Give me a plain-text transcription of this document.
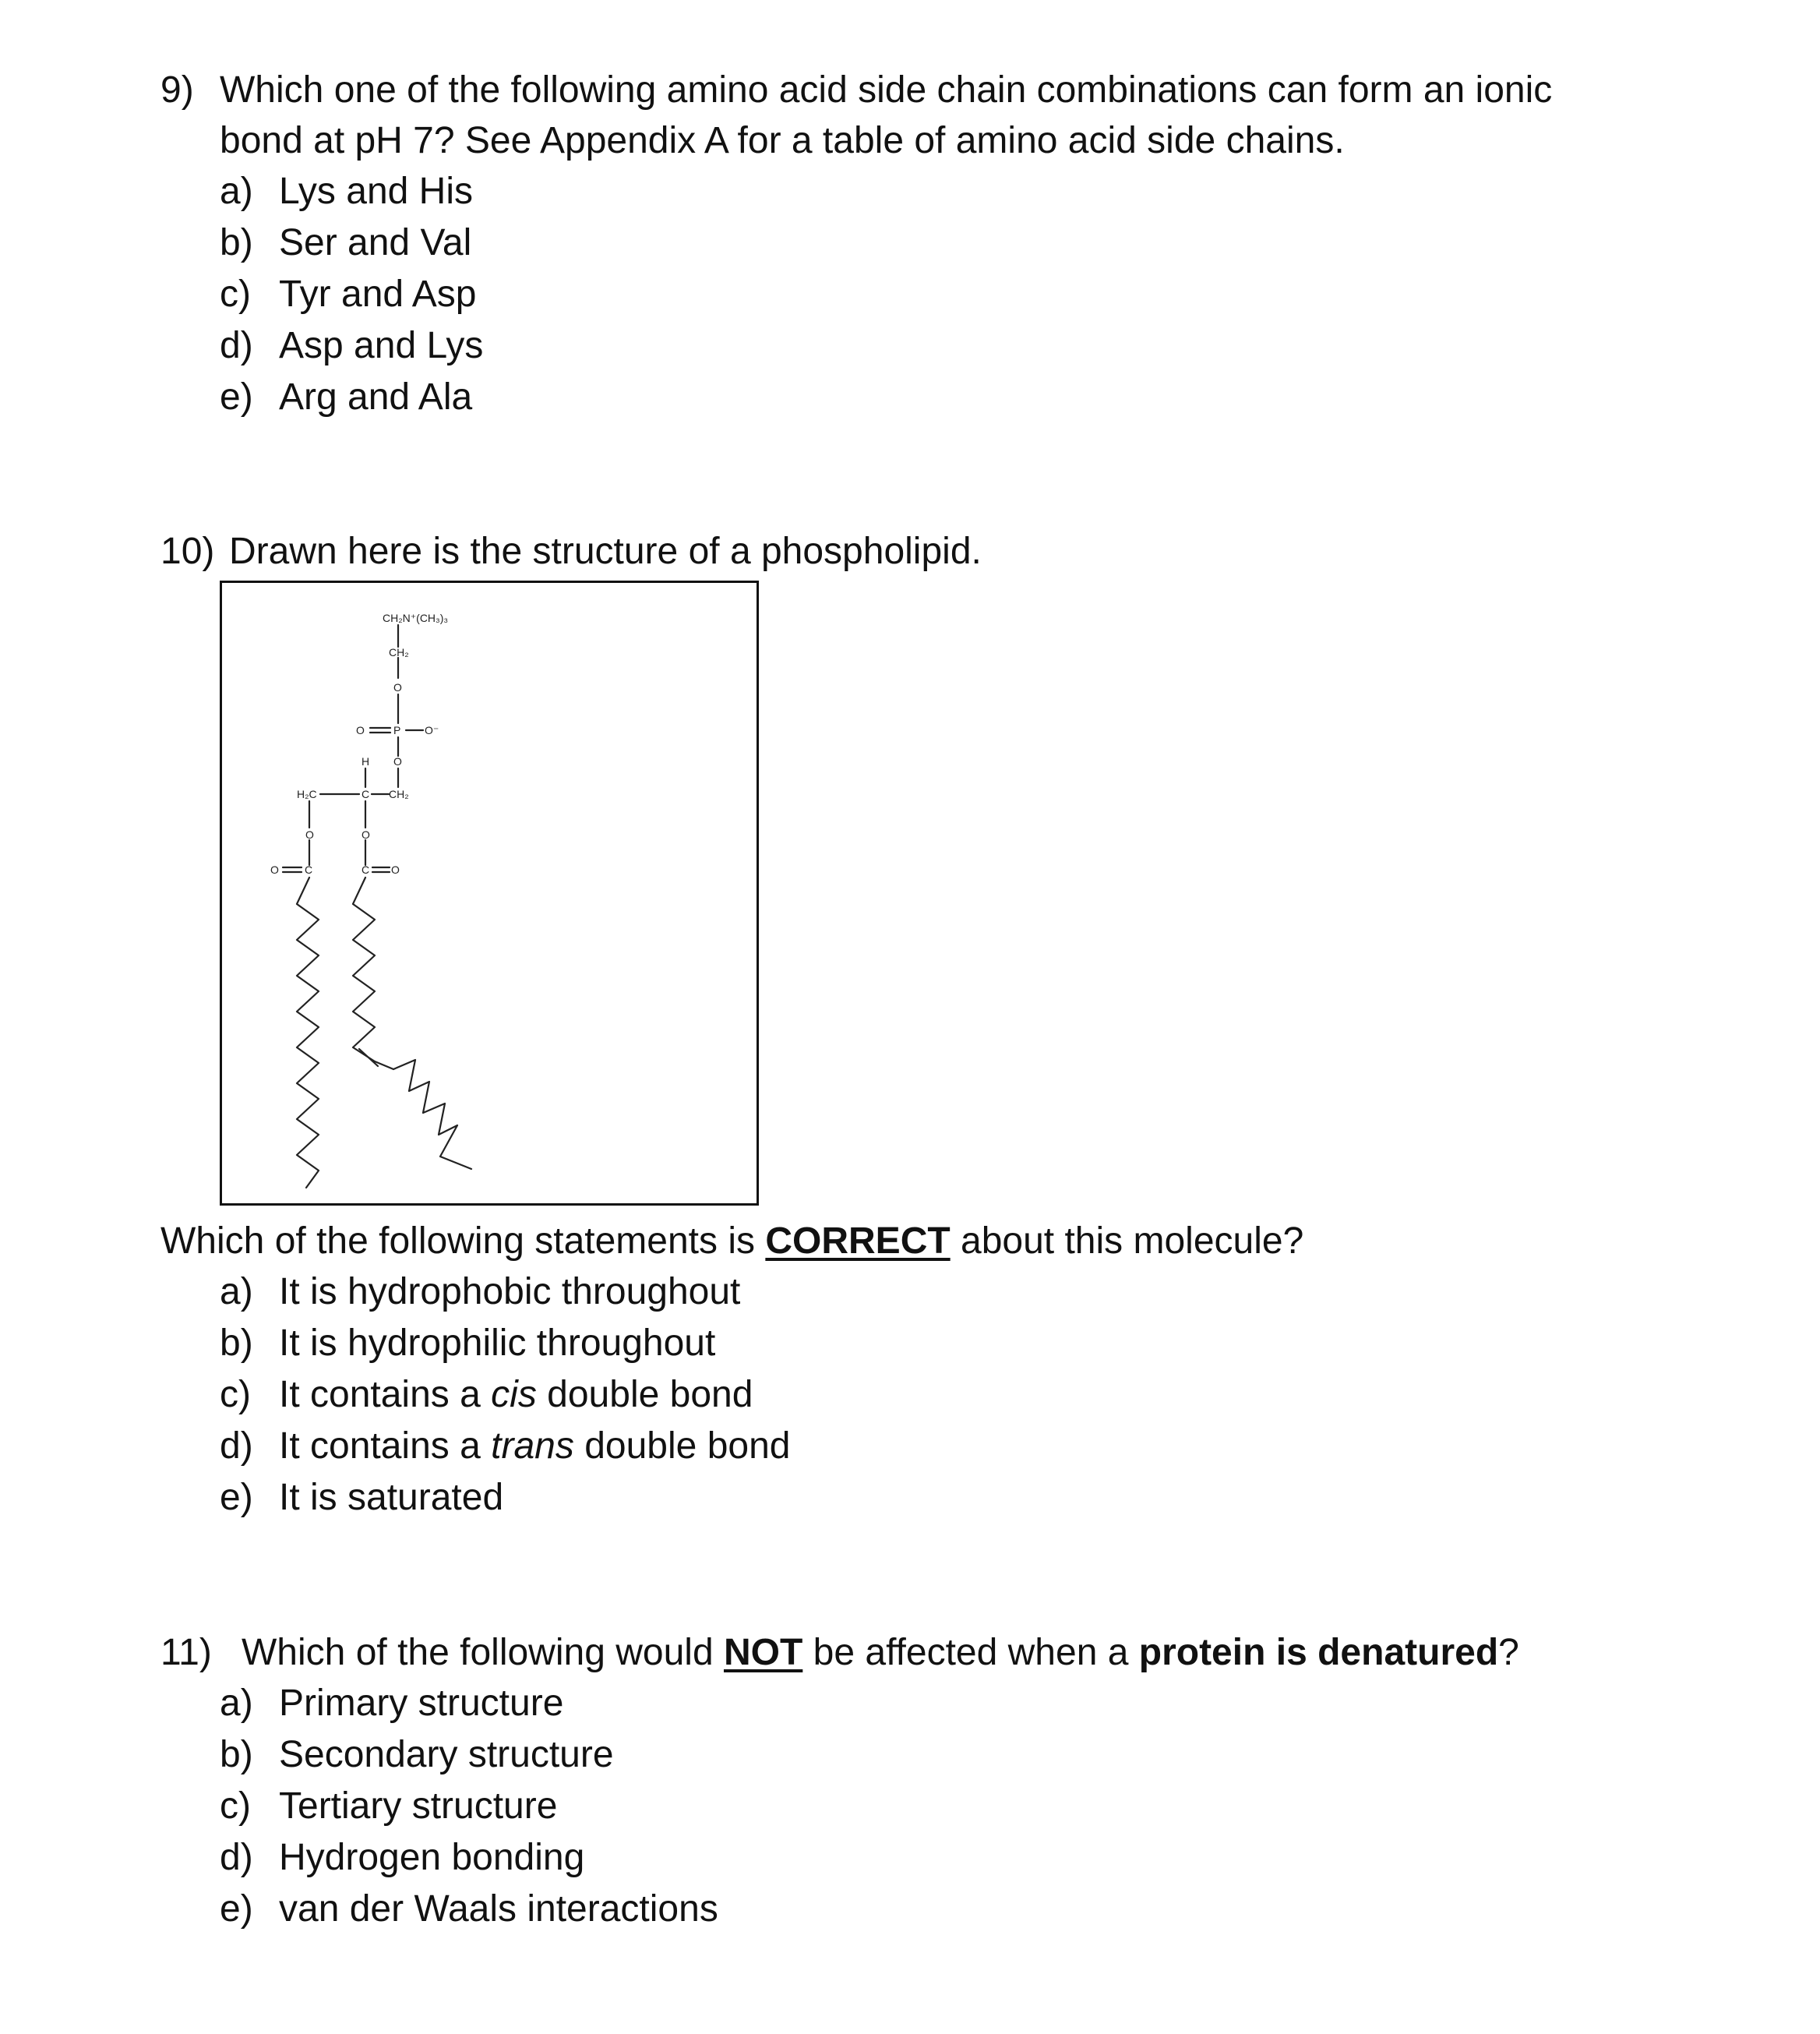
9) Which one of the following amino acid side chain combinations can form an ionic
bond at pH 7? See Appendix A for a table of amino acid side chains.
a) Lys and His
b) Ser and Val
c) Tyr and Asp
d) Asp and Lys
e) Arg and Ala
10) Drawn here is the structure of a phospholipid.
CH₂N⁺(CH₃)₃
CH₂
O
O	P O⁻
H O
H₂C	C CH₂
O	O
O C	C O
Which of the following statements is CORRECT about this molecule?
a) It is hydrophobic throughout
b) It is hydrophilic throughout
c) It contains a cis double bond
d) It contains a trans double bond
e) It is saturated
11) Which of the following would NOT be affected when a protein is denatured?
a) Primary structure
b) Secondary structure
c) Tertiary structure
d) Hydrogen bonding
e) van der Waals interactions
